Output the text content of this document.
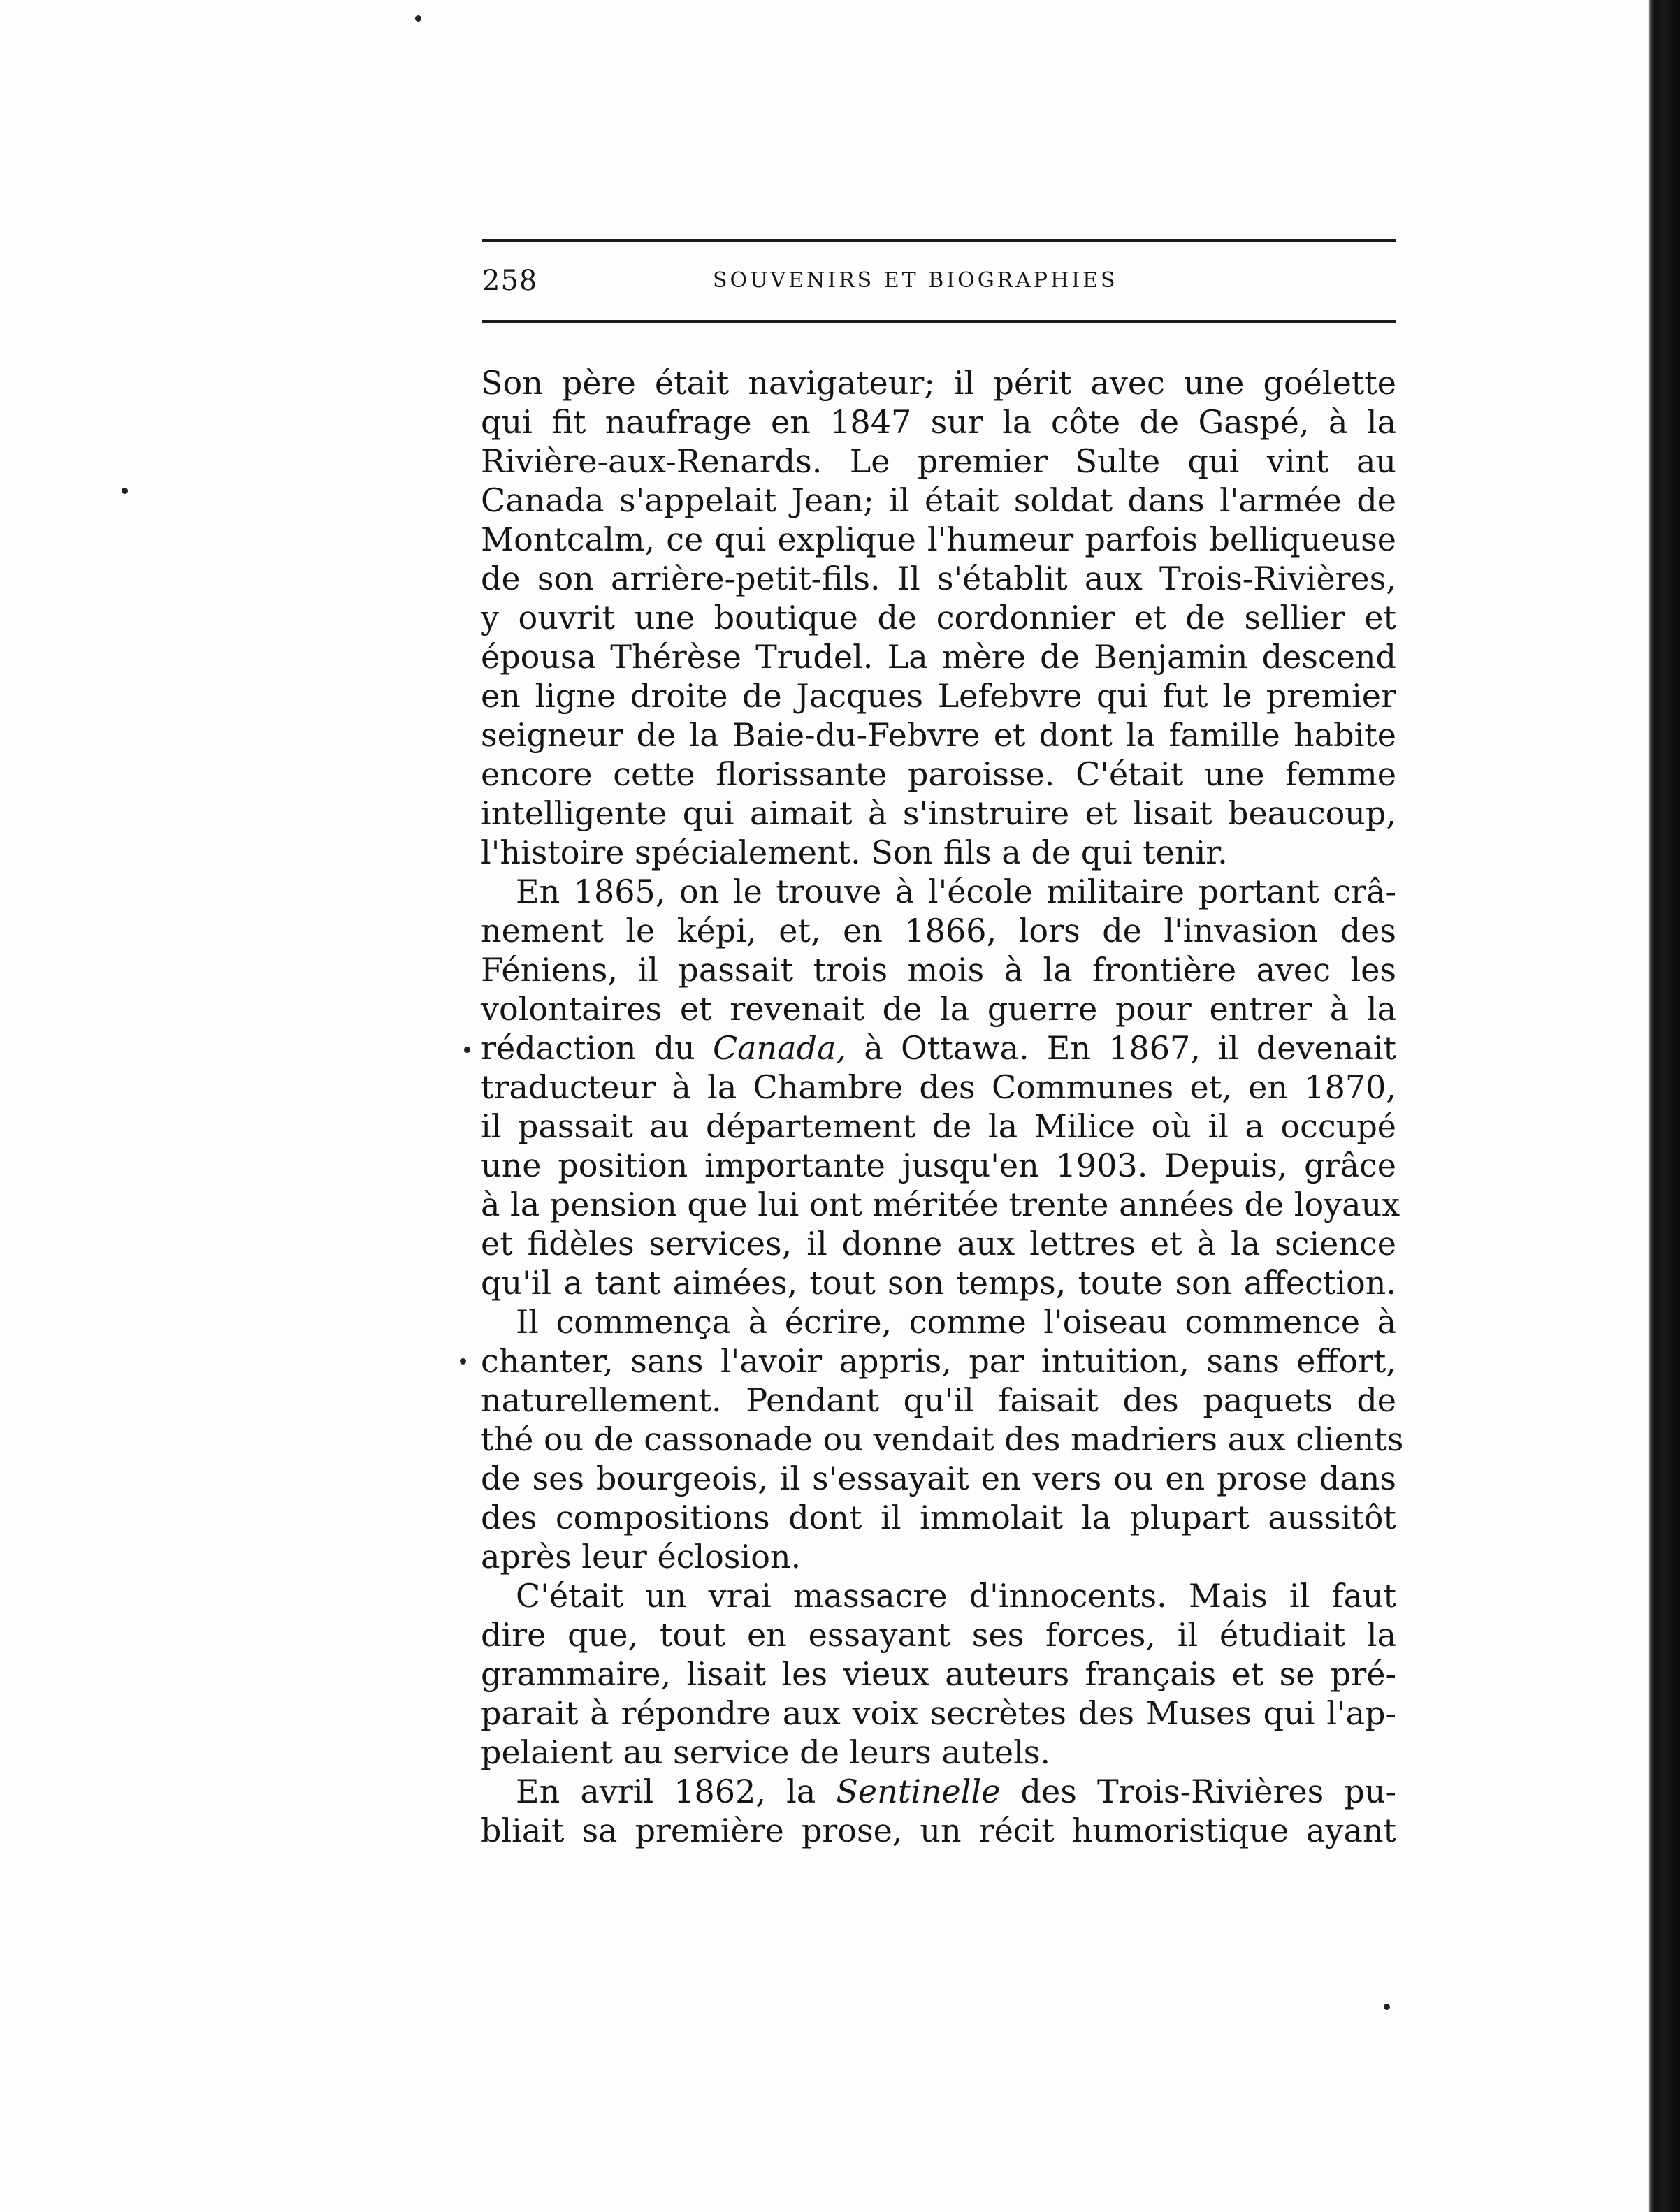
258	SOUVENIRS ET BIOGRAPHIES
Son père était navigateur; il périt avec une goélette
qui fit naufrage en 1847 sur la côte de Gaspé, à la
Rivière-aux-Renards. Le premier Sulte qui vint au
Canada s'appelait Jean; il était soldat dans l'armée de
Montcalm, ce qui explique l'humeur parfois belliqueuse
de son arrière-petit-fils. Il s'établit aux Trois-Rivières,
y ouvrit une boutique de cordonnier et de sellier et
épousa Thérèse Trudel. La mère de Benjamin descend
en ligne droite de Jacques Lefebvre qui fut le premier
seigneur de la Baie-du-Febvre et dont la famille habite
encore cette florissante paroisse. C'était une femme
intelligente qui aimait à s'instruire et lisait beaucoup,
l'histoire spécialement. Son fils a de qui tenir.
En 1865, on le trouve à l'école militaire portant crâ-
nement le képi, et, en 1866, lors de l'invasion des
Féniens, il passait trois mois à la frontière avec les
volontaires et revenait de la guerre pour entrer à la
rédaction du Canada, à Ottawa. En 1867, il devenait
traducteur à la Chambre des Communes et, en 1870,
il passait au département de la Milice où il a occupé
une position importante jusqu'en 1903. Depuis, grâce
à la pension que lui ont méritée trente années de loyaux
et fidèles services, il donne aux lettres et à la science
qu'il a tant aimées, tout son temps, toute son affection.
Il commença à écrire, comme l'oiseau commence à
chanter, sans l'avoir appris, par intuition, sans effort,
naturellement. Pendant qu'il faisait des paquets de
thé ou de cassonade ou vendait des madriers aux clients
de ses bourgeois, il s'essayait en vers ou en prose dans
des compositions dont il immolait la plupart aussitôt
après leur éclosion.
C'était un vrai massacre d'innocents. Mais il faut
dire que, tout en essayant ses forces, il étudiait la
grammaire, lisait les vieux auteurs français et se pré-
parait à répondre aux voix secrètes des Muses qui l'ap-
pelaient au service de leurs autels.
En avril 1862, la Sentinelle des Trois-Rivières pu-
bliait sa première prose, un récit humoristique ayant
